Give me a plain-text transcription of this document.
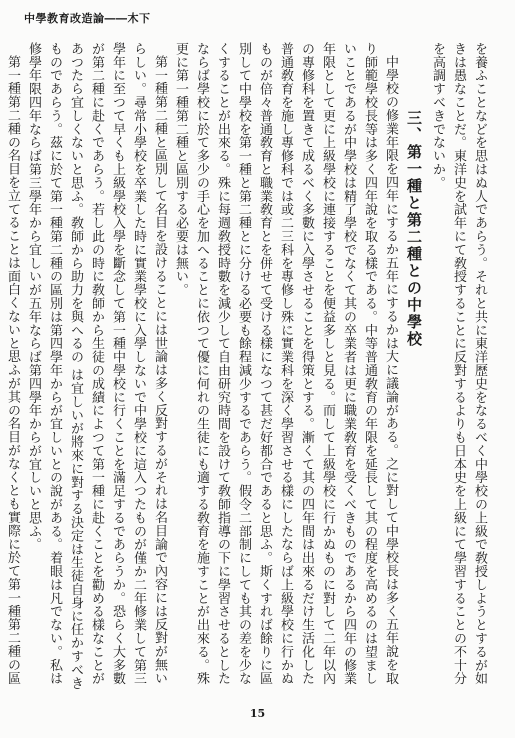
中學教育改造論――木下

を養ふことなどを思はぬ人であらう。それと共に東洋歷史をなるべく中學校の上級で敎授しようとするが如きは愚なことだ。東洋史を試年にて敎授することに反對するよりも日本史を上級にて學習することの不十分を高調すべきでないか。

三、第一種と第二種との中學校

中學校の修業年限を四年にするか五年にするかは大に議論がある。之に對して中學校長は多く五年說を取り師範學校長等は多く四年說を取る樣である。中等普通敎育の年限を延長して其の程度を高めるのは望ましいことであるが中學校は精了學校でなくて其の卒業者は更に職業敎育を受くべきものであるから四年の修業年限として更に上級學校に連接することを便益多しと見る。而して上級學校に行かぬものに對して二年以內の專修科を置きて成るべく多數に入學させることを得策とする。漸くて其の四年間は出來るだけ生活化した普通敎育を施し專修科では或二三科を專修し殊に實業科を深く學習させる樣にしたならば上級學校に行かぬものが倍々普通敎育と職業敎育とを併せて受ける樣になつて甚だ好都合であると思ふ。斯くすれば餘りに區別して中學校を第一種と第二種とに分ける必要も餘程減少するであらう。假令二部制にしても其の差を少なくすることが出來る。殊に每週敎授時數を減少して自由研究時間を設けて敎師指導の下に學習させるとしたならば學校に於て多少の手心を加へることに依つて優に何れの生徒にも適する敎育を施すことが出來る。殊更に第一種第二種と區別する必要は無い。

第一種第二種と區別して名目を設けることには世論は多く反對するがそれは名目論で內容には反對が無いらしい。尋常小學校を卒業した時に實業學校に入學しないで中學校に這入つたものが僅か二年修業して第三學年に至つて早くも上級學校入學を斷念して第一種中學校に行くことを滿足するであらうか。恐らく大多數が第二種に赴くであらう。若し此の時に敎師から生徒の成績によつて第一種に赴くことを勸める樣なことがあつたら宜しくないと思ふ。敎師から助力を與へるの は宜しいが將來に對する決定は生徒自身に任かすべきものであらう。茲に於て第一種第二種の區別は第四學年からが宜しいとの說がある。着眼は凡でない。私は修學年限四年ならば第三學年から宜しいが五年ならば第四學年からが宜しいと思ふ。

第一種第二種の名目を立てることは面白くないと思ふが其の名目がなくとも實際に於て第一種第二種の區

15
